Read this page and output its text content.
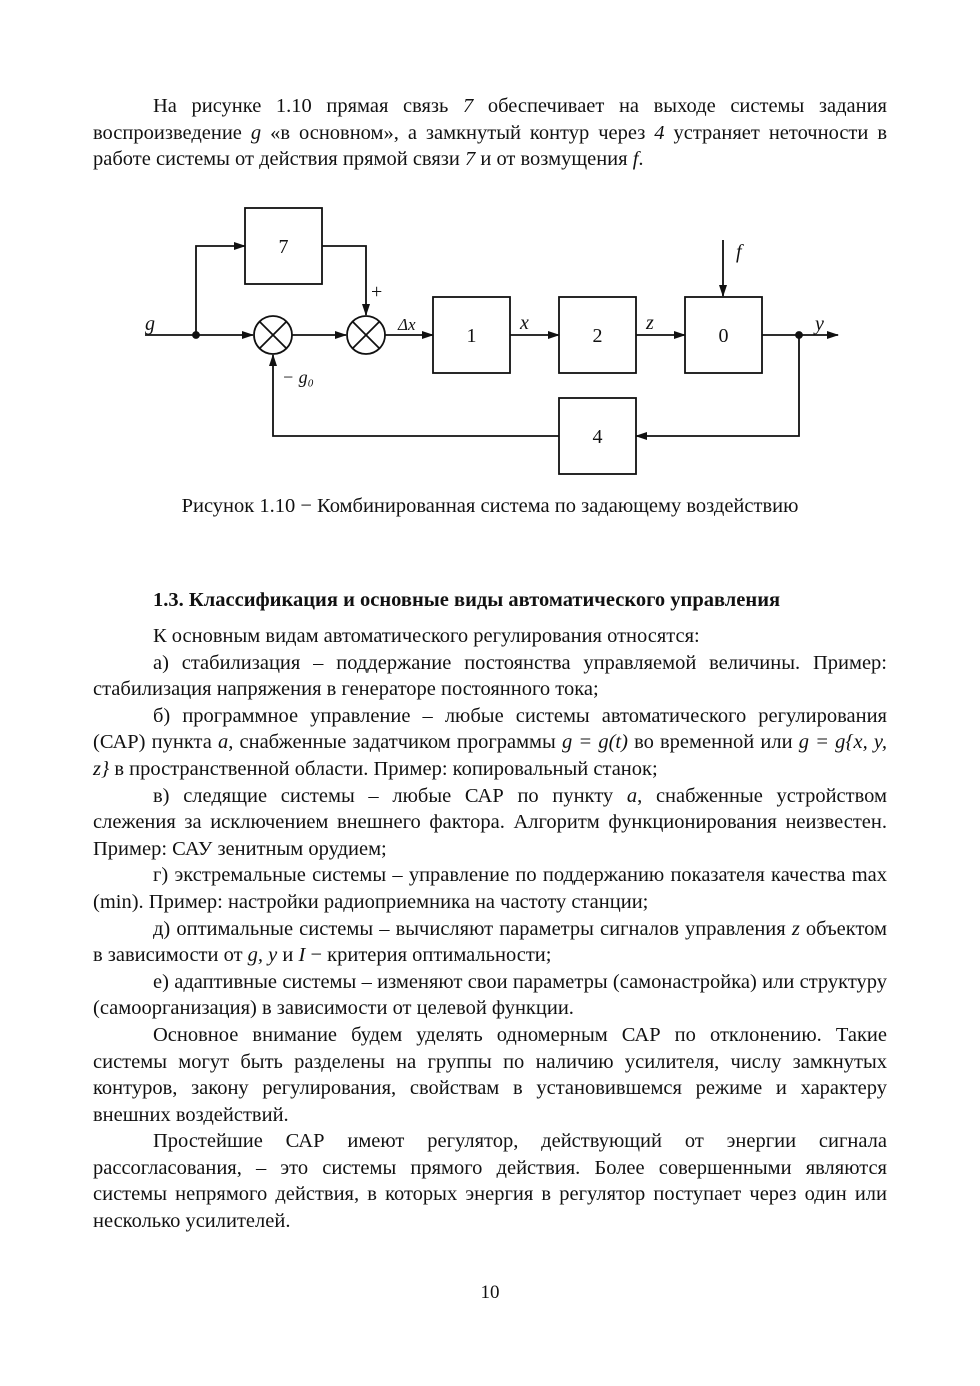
На рисунке 1.10 прямая связь 7 обеспечивает на выходе системы задания воспроизведение g «в основном», а замкнутый контур через 4 устраняет неточности в работе системы от действия прямой связи 7 и от возмущения f.

7
1	2	0
4
g
+
Δx	x	z	y
f
− g₀
Рисунок 1.10 − Комбинированная система по задающему воздействию
1.3. Классификация и основные виды автоматического управления

К основным видам автоматического регулирования относятся:

а) стабилизация – поддержание постоянства управляемой величины. Пример: стабилизация напряжения в генераторе постоянного тока;

б) программное управление – любые системы автоматического регулирования (САР) пункта а, снабженные задатчиком программы g = g(t) во временной или g = g{x, y, z} в пространственной области. Пример: копировальный станок;

в) следящие системы – любые САР по пункту а, снабженные устройством слежения за исключением внешнего фактора. Алгоритм функционирования неизвестен. Пример: САУ зенитным орудием;

г) экстремальные системы – управление по поддержанию показателя качества max (min). Пример: настройки радиоприемника на частоту станции;

д) оптимальные системы – вычисляют параметры сигналов управления z объектом в зависимости от g, y и I − критерия оптимальности;

е) адаптивные системы – изменяют свои параметры (самонастройка) или структуру (самоорганизация) в зависимости от целевой функции.

Основное внимание будем уделять одномерным САР по отклонению. Такие системы могут быть разделены на группы по наличию усилителя, числу замкнутых контуров, закону регулирования, свойствам в установившемся режиме и характеру внешних воздействий.

Простейшие САР имеют регулятор, действующий от энергии сигнала рассогласования, – это системы прямого действия. Более совершенными являются системы непрямого действия, в которых энергия в регулятор поступает через один или несколько усилителей.

10
